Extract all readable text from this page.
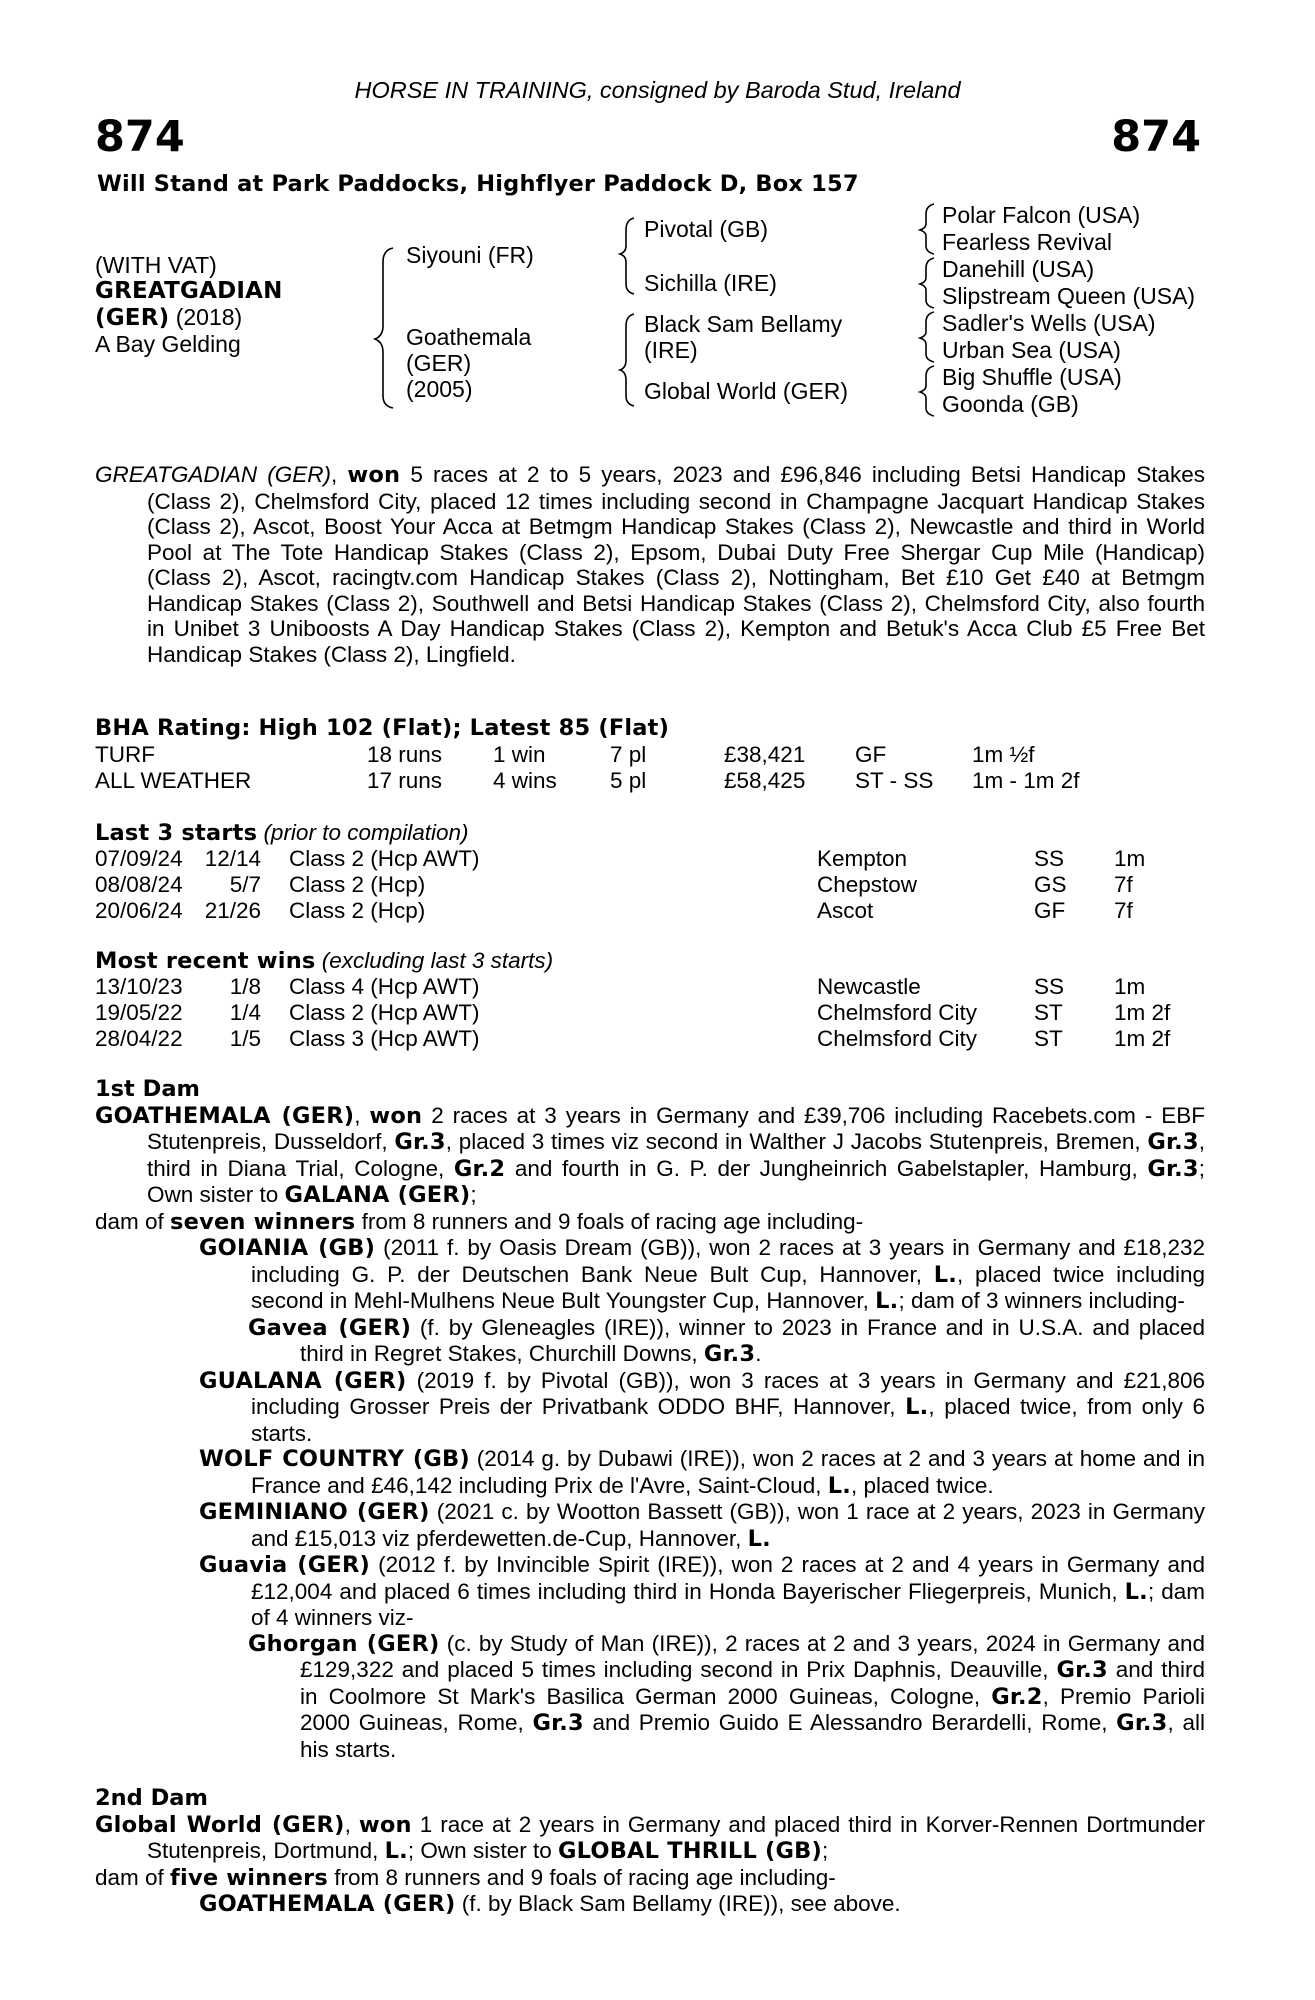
HORSE IN TRAINING, consigned by Baroda Stud, Ireland
874	874
Will Stand at Park Paddocks, Highflyer Paddock D, Box 157
(WITH VAT)
GREATGADIAN
(GER) (2018)
A Bay Gelding
Siyouni (FR)
Goathemala
(GER)
(2005)
Pivotal (GB)
Sichilla (IRE)
Black Sam Bellamy
(IRE)
Global World (GER)
Polar Falcon (USA)
Fearless Revival
Danehill (USA)
Slipstream Queen (USA)
Sadler's Wells (USA)
Urban Sea (USA)
Big Shuffle (USA)
Goonda (GB)
GREATGADIAN (GER), won 5 races at 2 to 5 years, 2023 and £96,846 including Betsi Handicap Stakes (Class 2), Chelmsford City, placed 12 times including second in Champagne Jacquart Handicap Stakes (Class 2), Ascot, Boost Your Acca at Betmgm Handicap Stakes (Class 2), Newcastle and third in World Pool at The Tote Handicap Stakes (Class 2), Epsom, Dubai Duty Free Shergar Cup Mile (Handicap) (Class 2), Ascot, racingtv.com Handicap Stakes (Class 2), Nottingham, Bet £10 Get £40 at Betmgm Handicap Stakes (Class 2), Southwell and Betsi Handicap Stakes (Class 2), Chelmsford City, also fourth in Unibet 3 Uniboosts A Day Handicap Stakes (Class 2), Kempton and Betuk's Acca Club £5 Free Bet Handicap Stakes (Class 2), Lingfield.
BHA Rating: High 102 (Flat); Latest 85 (Flat)
TURF	18 runs 1 win	7 pl	£38,421 GF	1m ½f
ALL WEATHER	17 runs 4 wins 5 pl	£58,425 ST - SS 1m - 1m 2f
Last 3 starts (prior to compilation)
07/09/24 12/14 Class 2 (Hcp AWT)	Kempton	SS 1m
08/08/24	5/7 Class 2 (Hcp)	Chepstow	GS 7f
20/06/24 21/26 Class 2 (Hcp)	Ascot	GF 7f
Most recent wins (excluding last 3 starts)
13/10/23	1/8 Class 4 (Hcp AWT)	Newcastle	SS 1m
19/05/22	1/4 Class 2 (Hcp AWT)	Chelmsford City	ST 1m 2f
28/04/22	1/5 Class 3 (Hcp AWT)	Chelmsford City	ST 1m 2f
1st Dam
GOATHEMALA (GER), won 2 races at 3 years in Germany and £39,706 including Racebets.com - EBF Stutenpreis, Dusseldorf, Gr.3, placed 3 times viz second in Walther J Jacobs Stutenpreis, Bremen, Gr.3, third in Diana Trial, Cologne, Gr.2 and fourth in G. P. der Jungheinrich Gabelstapler, Hamburg, Gr.3; Own sister to GALANA (GER);
dam of seven winners from 8 runners and 9 foals of racing age including-
GOIANIA (GB) (2011 f. by Oasis Dream (GB)), won 2 races at 3 years in Germany and £18,232 including G. P. der Deutschen Bank Neue Bult Cup, Hannover, L., placed twice including second in Mehl-Mulhens Neue Bult Youngster Cup, Hannover, L.; dam of 3 winners including-
Gavea (GER) (f. by Gleneagles (IRE)), winner to 2023 in France and in U.S.A. and placed third in Regret Stakes, Churchill Downs, Gr.3.
GUALANA (GER) (2019 f. by Pivotal (GB)), won 3 races at 3 years in Germany and £21,806 including Grosser Preis der Privatbank ODDO BHF, Hannover, L., placed twice, from only 6 starts.
WOLF COUNTRY (GB) (2014 g. by Dubawi (IRE)), won 2 races at 2 and 3 years at home and in France and £46,142 including Prix de l'Avre, Saint-Cloud, L., placed twice.
GEMINIANO (GER) (2021 c. by Wootton Bassett (GB)), won 1 race at 2 years, 2023 in Germany and £15,013 viz pferdewetten.de-Cup, Hannover, L.
Guavia (GER) (2012 f. by Invincible Spirit (IRE)), won 2 races at 2 and 4 years in Germany and £12,004 and placed 6 times including third in Honda Bayerischer Fliegerpreis, Munich, L.; dam of 4 winners viz-
Ghorgan (GER) (c. by Study of Man (IRE)), 2 races at 2 and 3 years, 2024 in Germany and £129,322 and placed 5 times including second in Prix Daphnis, Deauville, Gr.3 and third in Coolmore St Mark's Basilica German 2000 Guineas, Cologne, Gr.2, Premio Parioli 2000 Guineas, Rome, Gr.3 and Premio Guido E Alessandro Berardelli, Rome, Gr.3, all his starts.
2nd Dam
Global World (GER), won 1 race at 2 years in Germany and placed third in Korver-Rennen Dortmunder Stutenpreis, Dortmund, L.; Own sister to GLOBAL THRILL (GB);
dam of five winners from 8 runners and 9 foals of racing age including-
GOATHEMALA (GER) (f. by Black Sam Bellamy (IRE)), see above.
